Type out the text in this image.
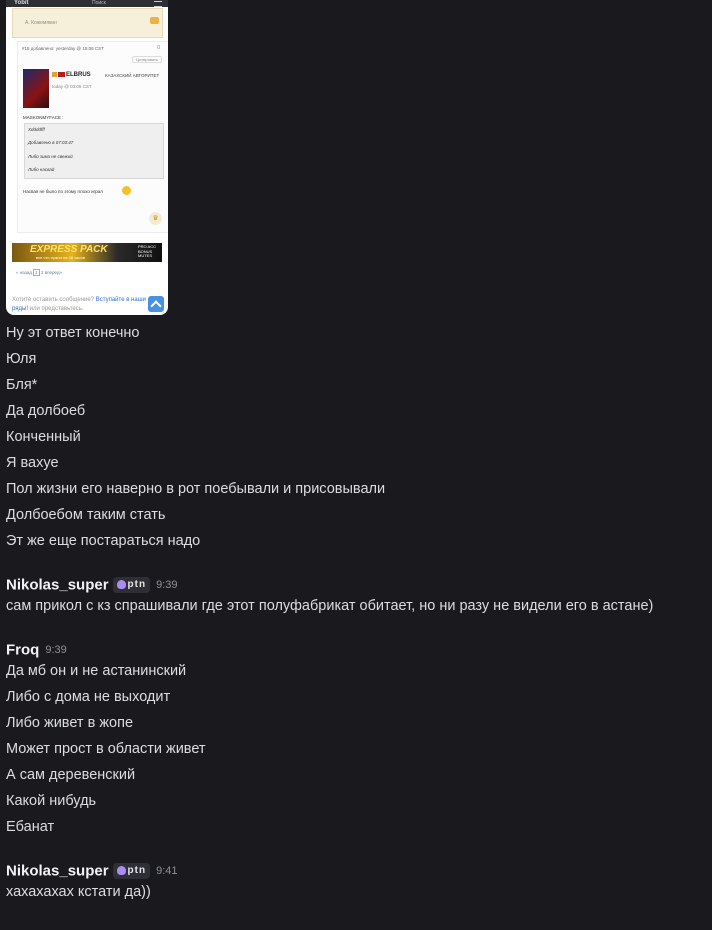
Yobit	Поиск
А. Кожемякин
#15 добавлено: yesterday @ 15:06 CST	0
Цитировать
ELBRUS	КАЗАХСКИЙ АВТОРИТЕТ
today @ 03:05 CST
MASKONMYFACE :
Xddddfff
Добавлено в 07:03:47
Либо зима не свежий
Либо насвай
Насвая не было по этому плохо играл
♛
EXPRESS PACK
все что нужно на 48 часов
PRO ACC BONUS MUTES
« назад 1 2 вперед»
Хотите оставить сообщение? Вступайте в наши ряды! или представьтесь.
Ну эт ответ конечно
Юля
Бля*
Да долбоеб
Конченный
Я вахуе
Пол жизни его наверно в рот поебывали и присовывали
Долбоебом таким стать
Эт же еще постараться надо
Nikolas_super ptn 9:39
сам прикол с кз спрашивали где этот полуфабрикат обитает, но ни разу не видели его в астане)
Froq 9:39
Да мб он и не астанинский
Либо с дома не выходит
Либо живет в жопе
Может прост в области живет
А сам деревенский
Какой нибудь
Ебанат
Nikolas_super ptn 9:41
хахахахах кстати да))
